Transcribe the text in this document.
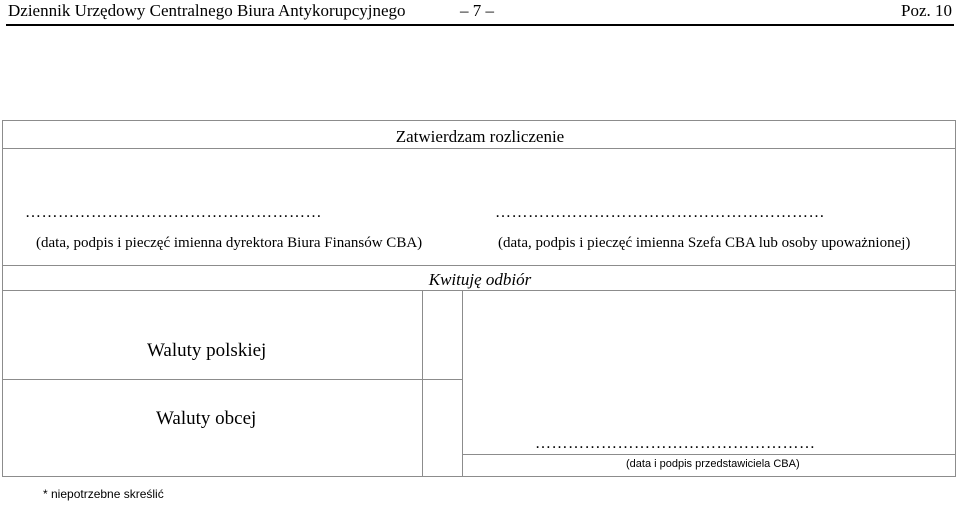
Dziennik Urzędowy Centralnego Biura Antykorupcyjnego	– 7 –	Poz. 10
Zatwierdzam rozliczenie
………………………………………………
(data, podpis i pieczęć imienna dyrektora Biura Finansów CBA)
……………………………………………………
(data, podpis i pieczęć imienna Szefa CBA lub osoby upoważnionej)
Kwituję odbiór
Waluty polskiej
Waluty obcej
……………………………………………
(data i podpis przedstawiciela CBA)
* niepotrzebne skreślić
